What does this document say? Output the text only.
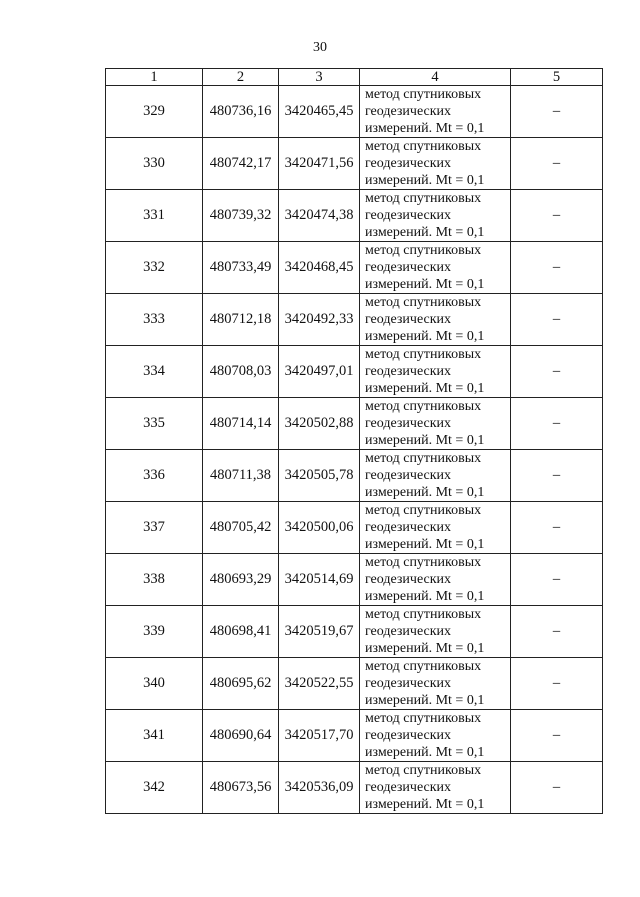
30
1	2	3	4	5
329	480736,16	3420465,45	метод спутниковых
геодезических
измерений. Mt = 0,1	–
330	480742,17	3420471,56	метод спутниковых
геодезических
измерений. Mt = 0,1	–
331	480739,32	3420474,38	метод спутниковых
геодезических
измерений. Mt = 0,1	–
332	480733,49	3420468,45	метод спутниковых
геодезических
измерений. Mt = 0,1	–
333	480712,18	3420492,33	метод спутниковых
геодезических
измерений. Mt = 0,1	–
334	480708,03	3420497,01	метод спутниковых
геодезических
измерений. Mt = 0,1	–
335	480714,14	3420502,88	метод спутниковых
геодезических
измерений. Mt = 0,1	–
336	480711,38	3420505,78	метод спутниковых
геодезических
измерений. Mt = 0,1	–
337	480705,42	3420500,06	метод спутниковых
геодезических
измерений. Mt = 0,1	–
338	480693,29	3420514,69	метод спутниковых
геодезических
измерений. Mt = 0,1	–
339	480698,41	3420519,67	метод спутниковых
геодезических
измерений. Mt = 0,1	–
340	480695,62	3420522,55	метод спутниковых
геодезических
измерений. Mt = 0,1	–
341	480690,64	3420517,70	метод спутниковых
геодезических
измерений. Mt = 0,1	–
342	480673,56	3420536,09	метод спутниковых
геодезических
измерений. Mt = 0,1	–
